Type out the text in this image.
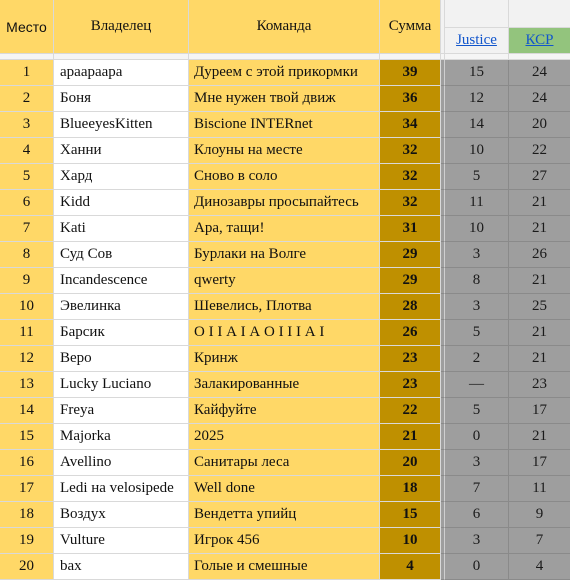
Место	Владелец	Команда	Сумма
Justice	КСР
1	араараара	Дуреем с этой прикормки	39	15	24
2	Боня	Мне нужен твой движ	36	12	24
3	BlueeyesKitten	Biscione INTERnet	34	14	20
4	Ханни	Клоуны на месте	32	10	22
5	Хард	Сново в соло	32	5	27
6	Kidd	Динозавры просыпайтесь	32	11	21
7	Kati	Ара, тащи!	31	10	21
8	Суд Сов	Бурлаки на Волге	29	3	26
9	Incandescence	qwerty	29	8	21
10	Эвелинка	Шевелись, Плотва	28	3	25
11	Барсик	О I I А I А О I I I А I	26	5	21
12	Веро	Кринж	23	2	21
13	Lucky Luciano	Залакированные	23	—	23
14	Freya	Кайфуйте	22	5	17
15	Majorka	2025	21	0	21
16	Avellino	Санитары леса	20	3	17
17	Ledi на velosipede	Well done	18	7	11
18	Воздух	Вендетта упийц	15	6	9
19	Vulture	Игрок 456	10	3	7
20	bax	Голые и смешные	4	0	4
